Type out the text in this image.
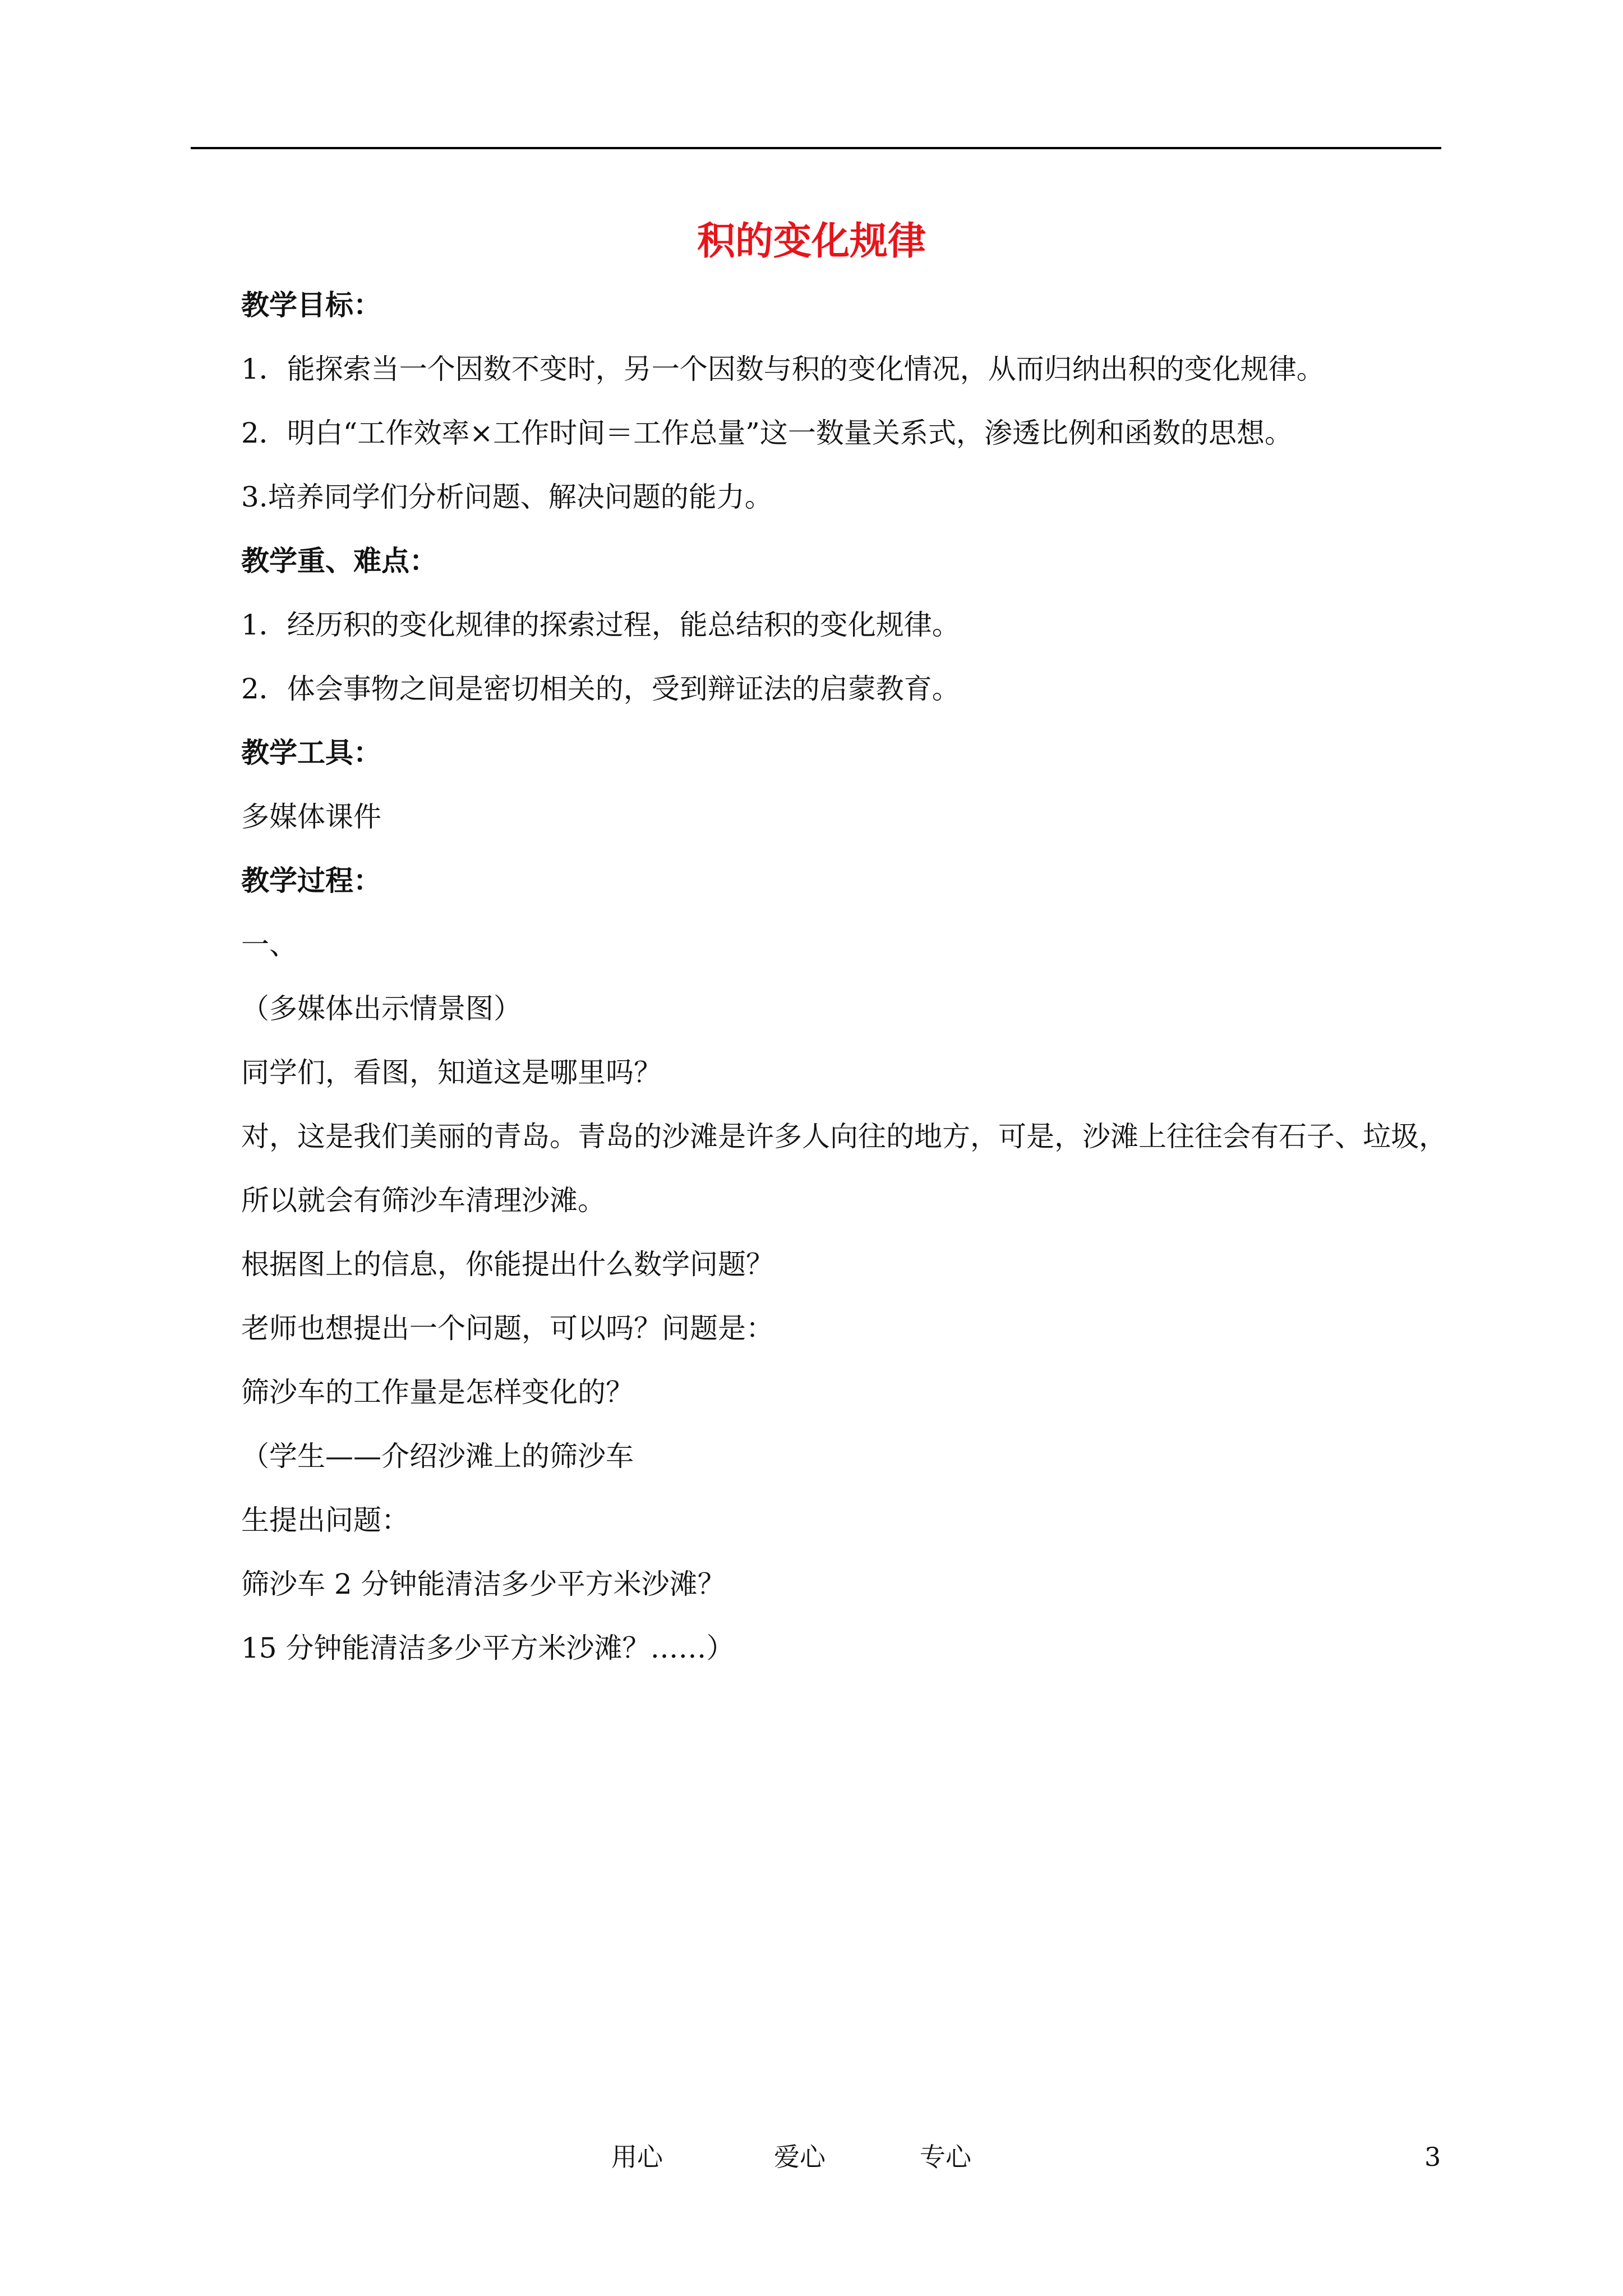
积的变化规律
教学目标：
1．能探索当一个因数不变时，另一个因数与积的变化情况，从而归纳出积的变化规律。
2．明白“工作效率×工作时间＝工作总量”这一数量关系式，渗透比例和函数的思想。
3.培养同学们分析问题、解决问题的能力。
教学重、难点：
1．经历积的变化规律的探索过程，能总结积的变化规律。
2．体会事物之间是密切相关的，受到辩证法的启蒙教育。
教学工具：
多媒体课件
教学过程：
一、
（多媒体出示情景图）
同学们，看图，知道这是哪里吗？
对，这是我们美丽的青岛。青岛的沙滩是许多人向往的地方，可是，沙滩上往往会有石子、垃圾，
所以就会有筛沙车清理沙滩。
根据图上的信息，你能提出什么数学问题？
老师也想提出一个问题，可以吗？问题是：
筛沙车的工作量是怎样变化的？
（学生——介绍沙滩上的筛沙车
生提出问题：
筛沙车 2 分钟能清洁多少平方米沙滩？
15 分钟能清洁多少平方米沙滩？……）
用心	爱心	专心	3
